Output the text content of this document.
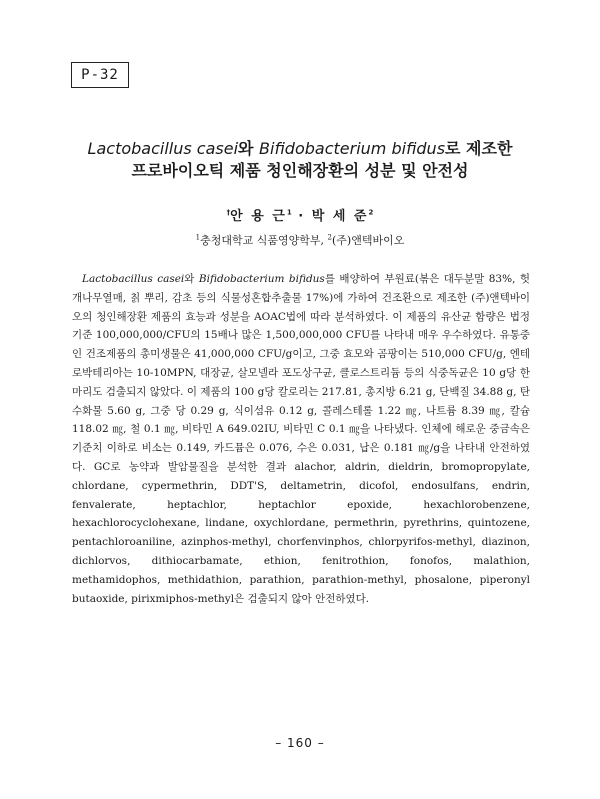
P-32
Lactobacillus casei와 Bifidobacterium bifidus로 제조한
프로바이오틱 제품 청인해장환의 성분 및 안전성
†안 용 근$^1$ · 박 세 준$^2$
$^1$충청대학교 식품영양학부, $^2$(주)앤텍바이오
Lactobacillus casei와 Bifidobacterium bifidus를 배양하여 부원료(볶은 대두분말 83%, 헛개나무열매, 칡 뿌리, 감초 등의 식물성혼합추출물 17%)에 가하여 건조환으로 제조한 (주)앤텍바이오의 청인해장환 제품의 효능과 성분을 AOAC법에 따라 분석하였다. 이 제품의 유산균 함량은 법정 기준 100,000,000/CFU의 15배나 많은 1,500,000,000 CFU를 나타내 매우 우수하였다. 유통중인 건조제품의 총미생물은 41,000,000 CFU/g이고, 그중 효모와 곰팡이는 510,000 CFU/g, 엔테로박테리아는 10-10MPN, 대장균, 살모넬라 포도상구균, 클로스트리듐 등의 식중독균은 10 g당 한 마리도 검출되지 않았다. 이 제품의 100 g당 칼로리는 217.81, 총지방 6.21 g, 단백질 34.88 g, 탄수화물 5.60 g, 그중 당 0.29 g, 식이섬유 0.12 g, 콜레스테롤 1.22 ㎎, 나트륨 8.39 ㎎, 칼슘 118.02 ㎎, 철 0.1 ㎎, 비타민 A 649.02IU, 비타민 C 0.1 ㎎을 나타냈다. 인체에 해로운 중금속은 기준치 이하로 비소는 0.149, 카드뮴은 0.076, 수은 0.031, 납은 0.181 ㎎/g을 나타내 안전하였다. GC로 농약과 발암물질을 분석한 결과 alachor, aldrin, dieldrin, bromopropylate, chlordane, cypermethrin, DDT'S, deltametrin, dicofol, endosulfans, endrin, fenvalerate, heptachlor, heptachlor epoxide, hexachlorobenzene, hexachlorocyclohexane, lindane, oxychlordane, permethrin, pyrethrins, quintozene, pentachloroaniline, azinphos-methyl, chorfenvinphos, chlorpyrifos-methyl, diazinon, dichlorvos, dithiocarbamate, ethion, fenitrothion, fonofos, malathion, methamidophos, methidathion, parathion, parathion-methyl, phosalone, piperonyl butaoxide, pirixmiphos-methyl은 검출되지 않아 안전하였다.
– 160 –
